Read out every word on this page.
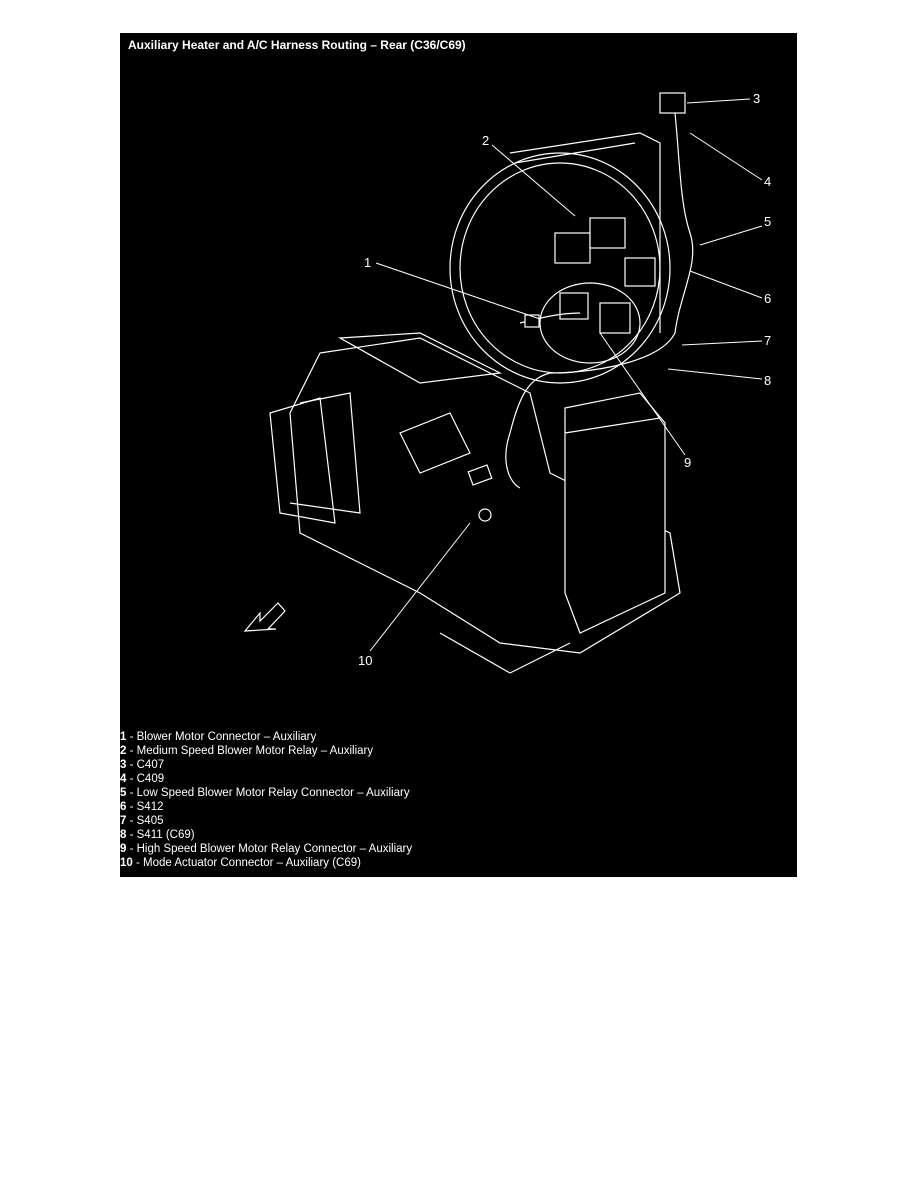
1
2
3
4
5
6
7
8
9
10
Auxiliary Heater and A/C Harness Routing – Rear (C36/C69)
1 - Blower Motor Connector – Auxiliary
2 - Medium Speed Blower Motor Relay – Auxiliary
3 - C407
4 - C409
5 - Low Speed Blower Motor Relay Connector – Auxiliary
6 - S412
7 - S405
8 - S411 (C69)
9 - High Speed Blower Motor Relay Connector – Auxiliary
10 - Mode Actuator Connector – Auxiliary (C69)
